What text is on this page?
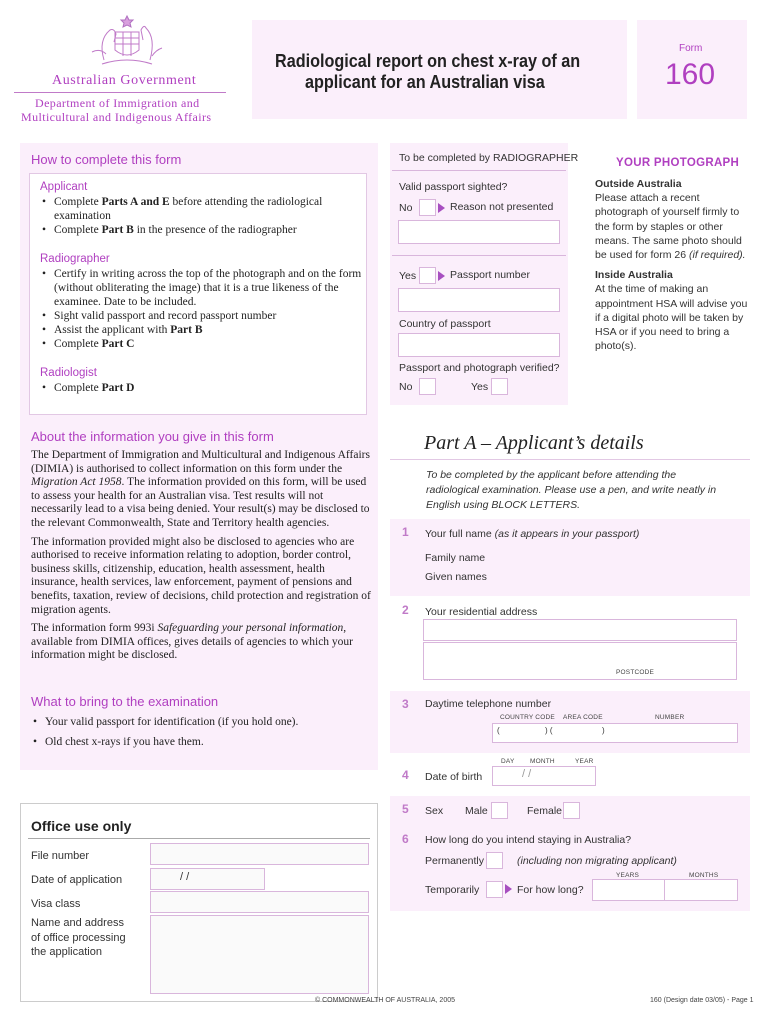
Australian Government
Department of Immigration and
Multicultural and Indigenous Affairs
Radiological report on chest x-ray of an
applicant for an Australian visa
Form
160
How to complete this form
Applicant
• Complete Parts A and E before attending the radiological examination
• Complete Part B in the presence of the radiographer
Radiographer
• Certify in writing across the top of the photograph and on the form (without obliterating the image) that it is a true likeness of the examinee. Date to be included.
• Sight valid passport and record passport number
• Assist the applicant with Part B
• Complete Part C
Radiologist
• Complete Part D
About the information you give in this form

The Department of Immigration and Multicultural and Indigenous Affairs (DIMIA) is authorised to collect information on this form under the Migration Act 1958. The information provided on this form, will be used to assess your health for an Australian visa. Test results will not necessarily lead to a visa being denied. Your result(s) may be disclosed to the relevant Commonwealth, State and Territory health agencies.

The information provided might also be disclosed to agencies who are authorised to receive information relating to adoption, border control, business skills, citizenship, education, health assessment, health insurance, health services, law enforcement, payment of pensions and benefits, taxation, review of decisions, child protection and registration of migration agents.

The information form 993i Safeguarding your personal information, available from DIMIA offices, gives details of agencies to which your information might be disclosed.

What to bring to the examination
• Your valid passport for identification (if you hold one).
• Old chest x-rays if you have them.
Office use only
File number
Date of application	/ /
Visa class
Name and address of office processing the application
To be completed by RADIOGRAPHER
Valid passport sighted?
No	Reason not presented
Yes	Passport number
Country of passport
Passport and photograph verified?
No	Yes
YOUR PHOTOGRAPH
Outside Australia
Please attach a recent photograph of yourself firmly to the form by staples or other means. The same photo should be used for form 26 (if required).
Inside Australia
At the time of making an appointment HSA will advise you if a digital photo will be taken by HSA or if you need to bring a photo(s).
Part A – Applicant’s details
To be completed by the applicant before attending the radiological examination. Please use a pen, and write neatly in English using BLOCK LETTERS.
1 Your full name (as it appears in your passport)
Family name
Given names
2 Your residential address
POSTCODE
3 Daytime telephone number
COUNTRY CODE AREA CODE	NUMBER
(	) (	)
DAY MONTH	YEAR
4 Date of birth	/ /
5 Sex Male	Female
6 How long do you intend staying in Australia?
Permanently	(including non migrating applicant)
YEARS	MONTHS
Temporarily	For how long?
© COMMONWEALTH OF AUSTRALIA, 2005	160 (Design date 03/05) - Page 1
